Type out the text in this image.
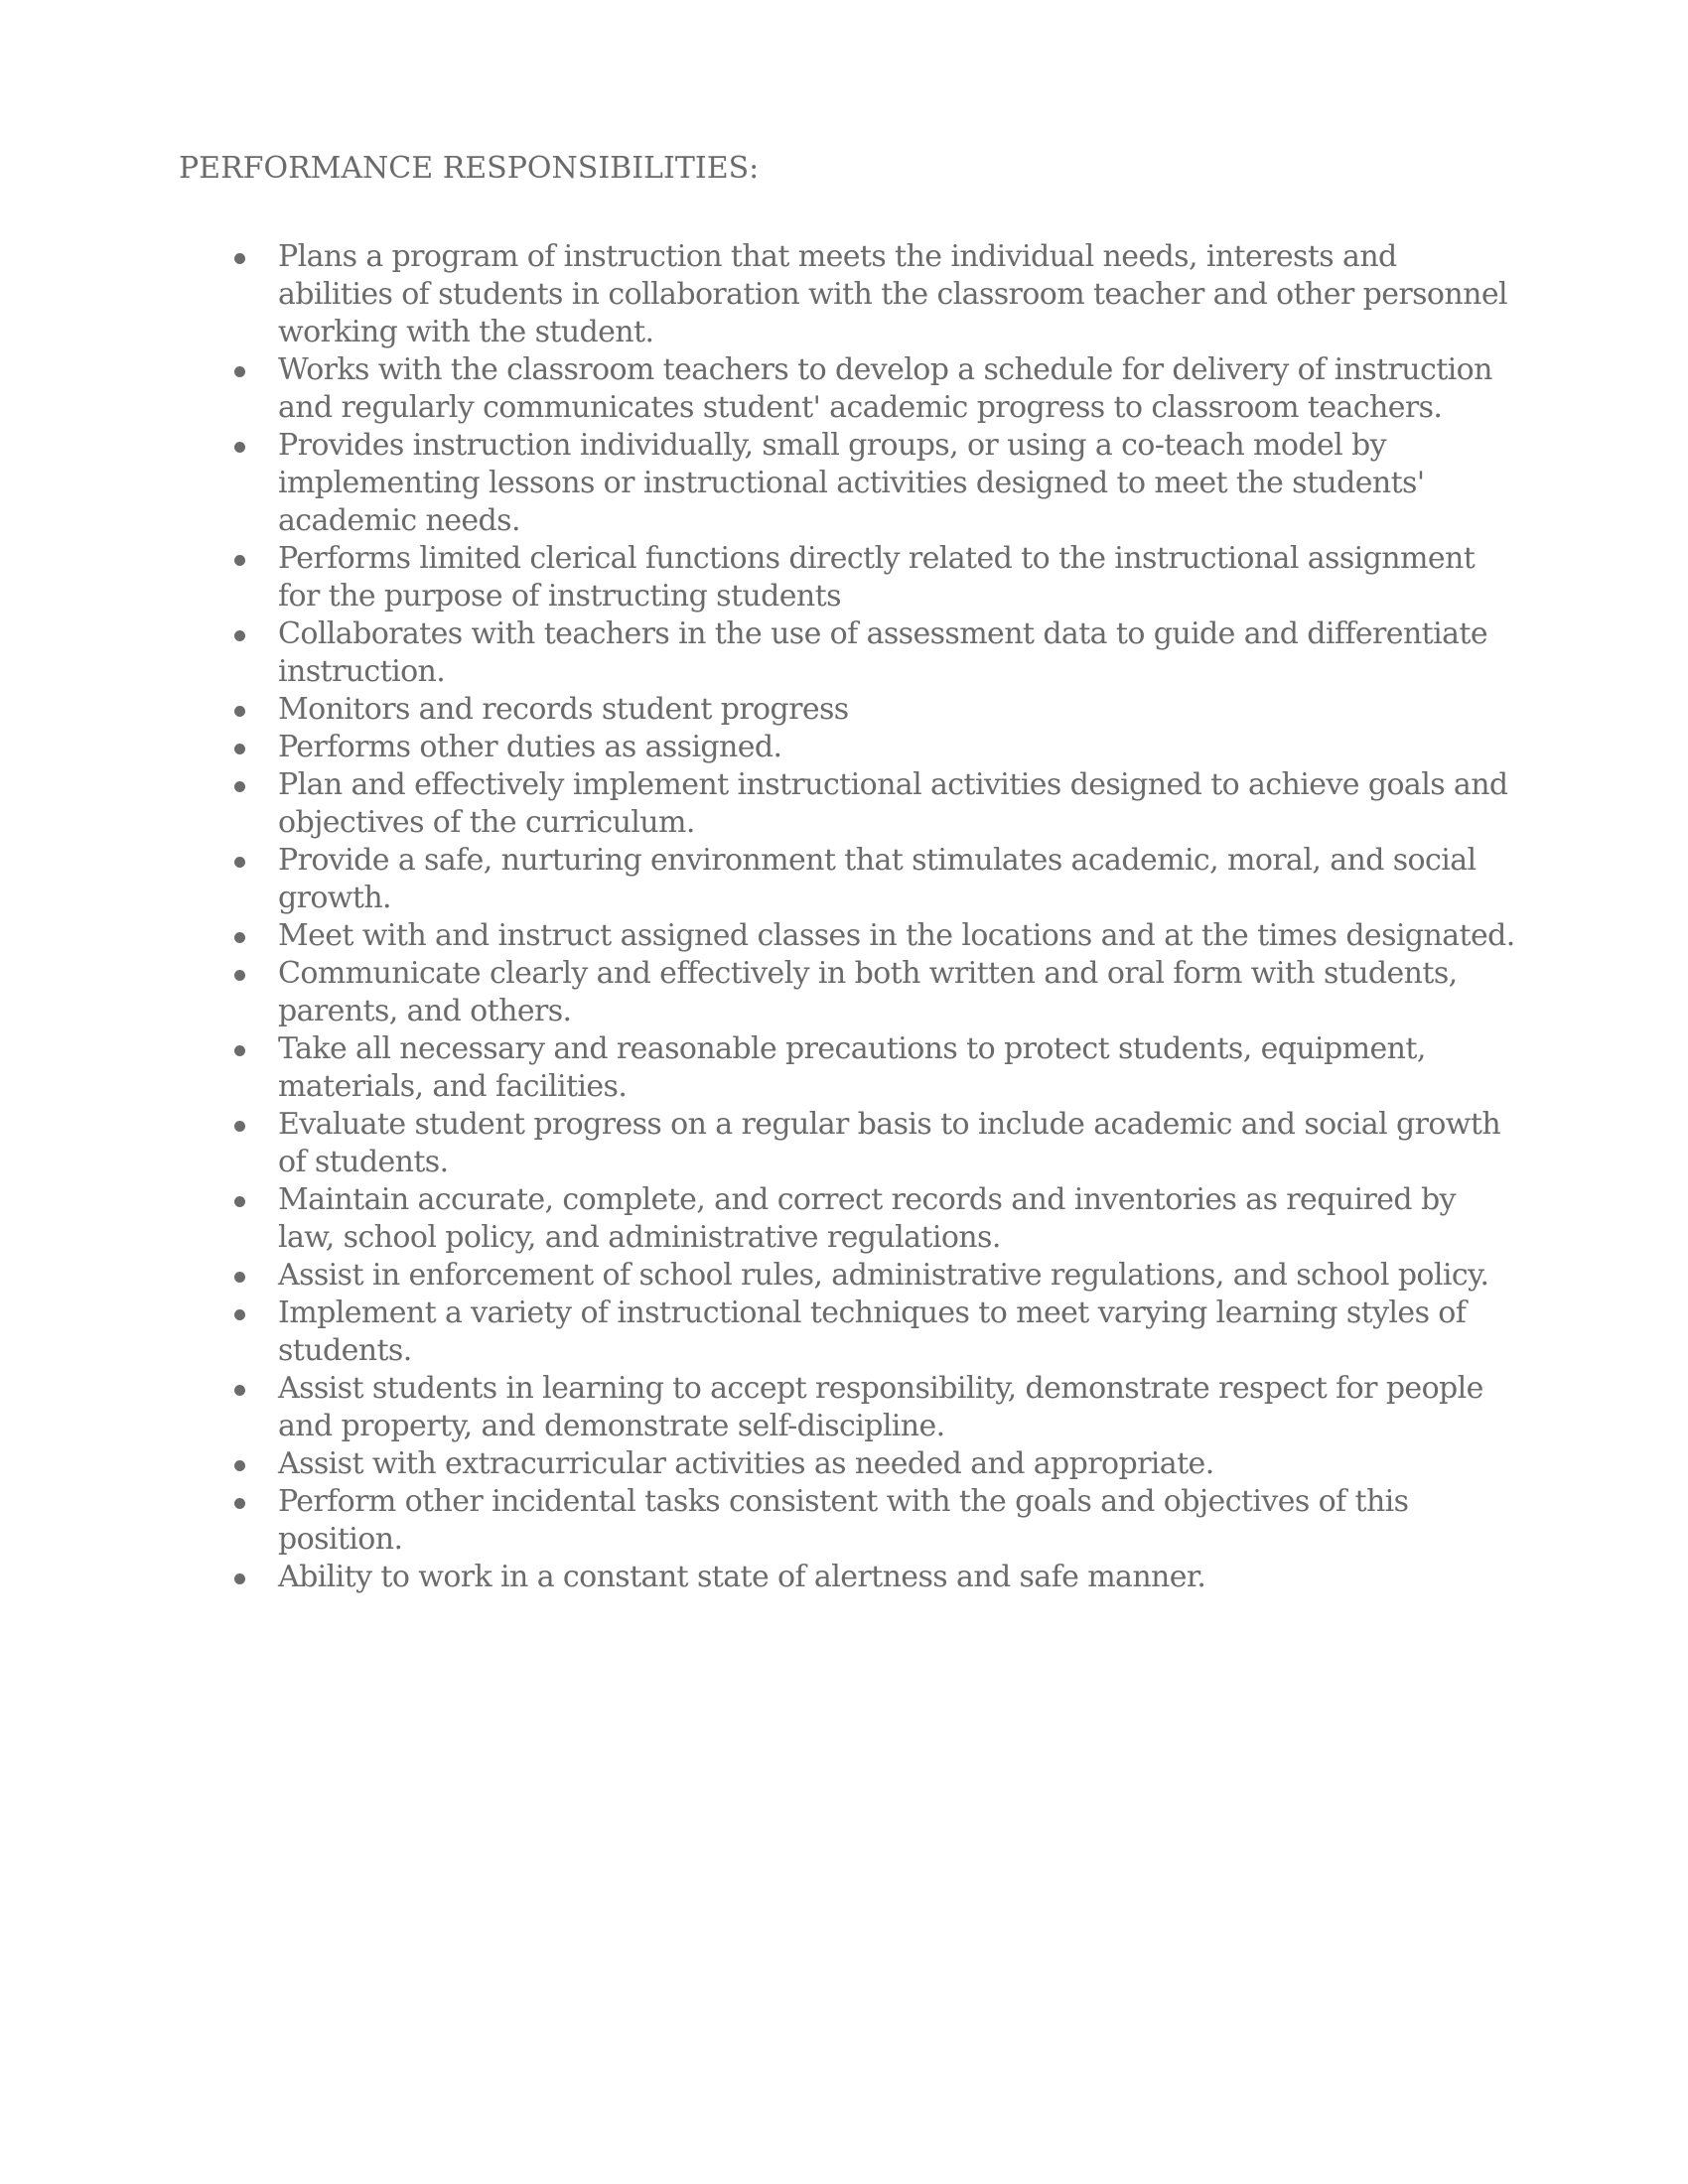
PERFORMANCE RESPONSIBILITIES:
Plans a program of instruction that meets the individual needs, interests and abilities of students in collaboration with the classroom teacher and other personnel working with the student.
Works with the classroom teachers to develop a schedule for delivery of instruction and regularly communicates student' academic progress to classroom teachers.
Provides instruction individually, small groups, or using a co-teach model by implementing lessons or instructional activities designed to meet the students' academic needs.
Performs limited clerical functions directly related to the instructional assignment for the purpose of instructing students
Collaborates with teachers in the use of assessment data to guide and differentiate instruction.
Monitors and records student progress
Performs other duties as assigned.
Plan and effectively implement instructional activities designed to achieve goals and objectives of the curriculum.
Provide a safe, nurturing environment that stimulates academic, moral, and social growth.
Meet with and instruct assigned classes in the locations and at the times designated.
Communicate clearly and effectively in both written and oral form with students, parents, and others.
Take all necessary and reasonable precautions to protect students, equipment, materials, and facilities.
Evaluate student progress on a regular basis to include academic and social growth of students.
Maintain accurate, complete, and correct records and inventories as required by law, school policy, and administrative regulations.
Assist in enforcement of school rules, administrative regulations, and school policy.
Implement a variety of instructional techniques to meet varying learning styles of students.
Assist students in learning to accept responsibility, demonstrate respect for people and property, and demonstrate self-discipline.
Assist with extracurricular activities as needed and appropriate.
Perform other incidental tasks consistent with the goals and objectives of this position.
Ability to work in a constant state of alertness and safe manner.
